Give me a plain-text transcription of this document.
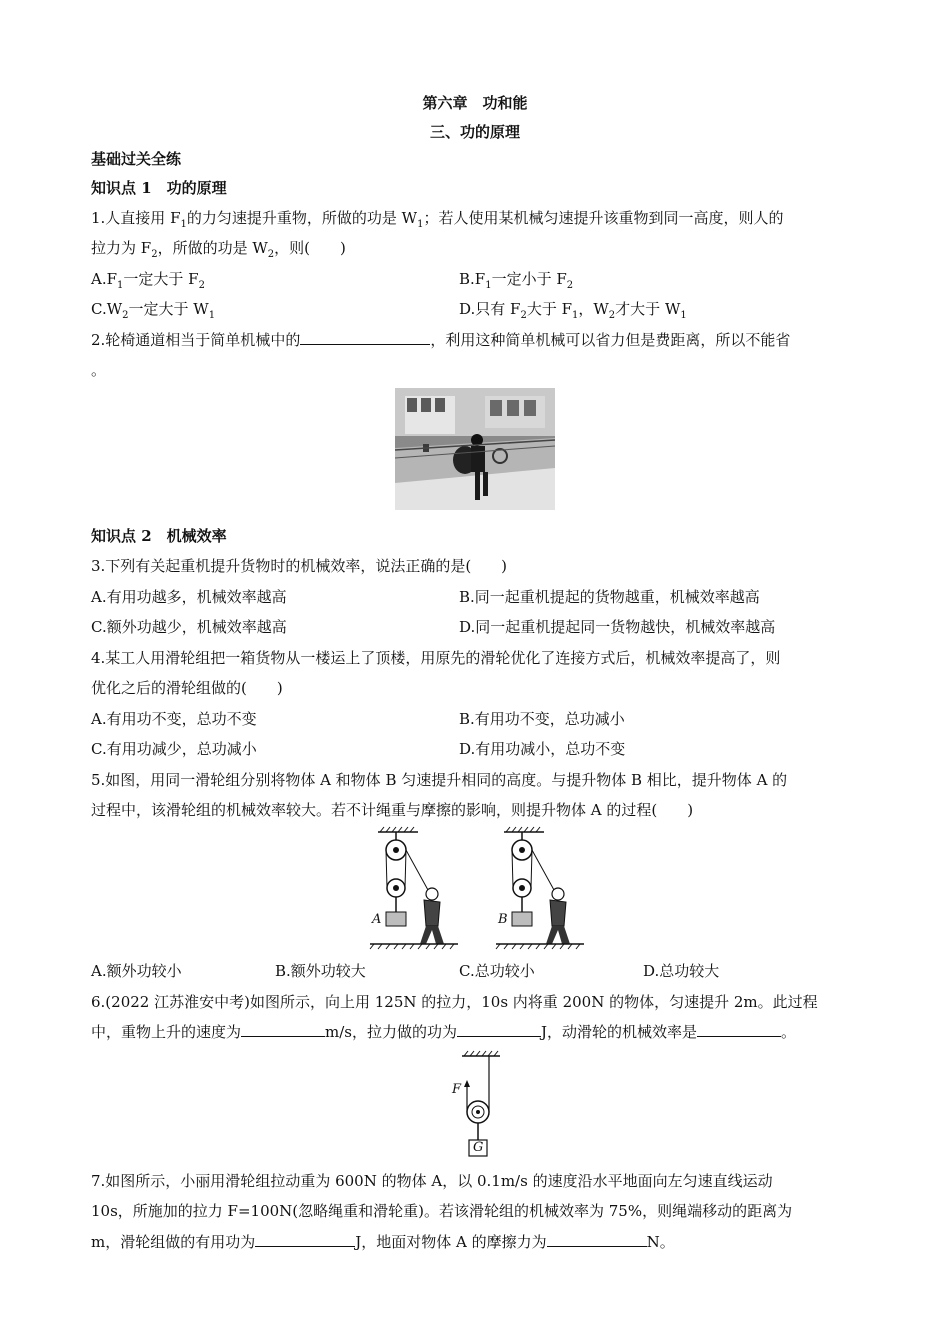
第六章　功和能
三、功的原理
基础过关全练
知识点 1　功的原理
1.人直接用 $F_1$的力匀速提升重物，所做的功是 $W_1$；若人使用某机械匀速提升该重物到同一高度，则人的
拉力为 $F_2$，所做的功是 $W_2$，则(　　)
$A.F_1$一定大于 $F_2$	$B.F_1$一定小于 $F_2$
$C.W_2$一定大于 $W_1$	D.只有 $F_2$大于 $F_1$，$W_2$才大于 $W_1$
2.轮椅通道相当于简单机械中的	，利用这种简单机械可以省力但是费距离，所以不能省
。
知识点 2　机械效率
3.下列有关起重机提升货物时的机械效率，说法正确的是(　　)
A.有用功越多，机械效率越高	B.同一起重机提起的货物越重，机械效率越高
C.额外功越少，机械效率越高	D.同一起重机提起同一货物越快，机械效率越高
4.某工人用滑轮组把一箱货物从一楼运上了顶楼，用原先的滑轮优化了连接方式后，机械效率提高了，则
优化之后的滑轮组做的(　　)
A.有用功不变，总功不变	B.有用功不变，总功减小
C.有用功减少，总功减小	D.有用功减小，总功不变
5.如图，用同一滑轮组分别将物体 A 和物体 B 匀速提升相同的高度。与提升物体 B 相比，提升物体 A 的
过程中，该滑轮组的机械效率较大。若不计绳重与摩擦的影响，则提升物体 A 的过程(　　)
A	B
A.额外功较小	B.额外功较大	C.总功较小	D.总功较大
6.(2022 江苏淮安中考)如图所示，向上用 125N 的拉力，10s 内将重 200N 的物体，匀速提升 2m。此过程
中，重物上升的速度为	m/s，拉力做的功为	J，动滑轮的机械效率是	。
F
G
7.如图所示，小丽用滑轮组拉动重为 600N 的物体 A，以 0.1m/s 的速度沿水平地面向左匀速直线运动
10s，所施加的拉力 F=100N(忽略绳重和滑轮重)。若该滑轮组的机械效率为 75%，则绳端移动的距离为
m，滑轮组做的有用功为	J，地面对物体 A 的摩擦力为	N。
